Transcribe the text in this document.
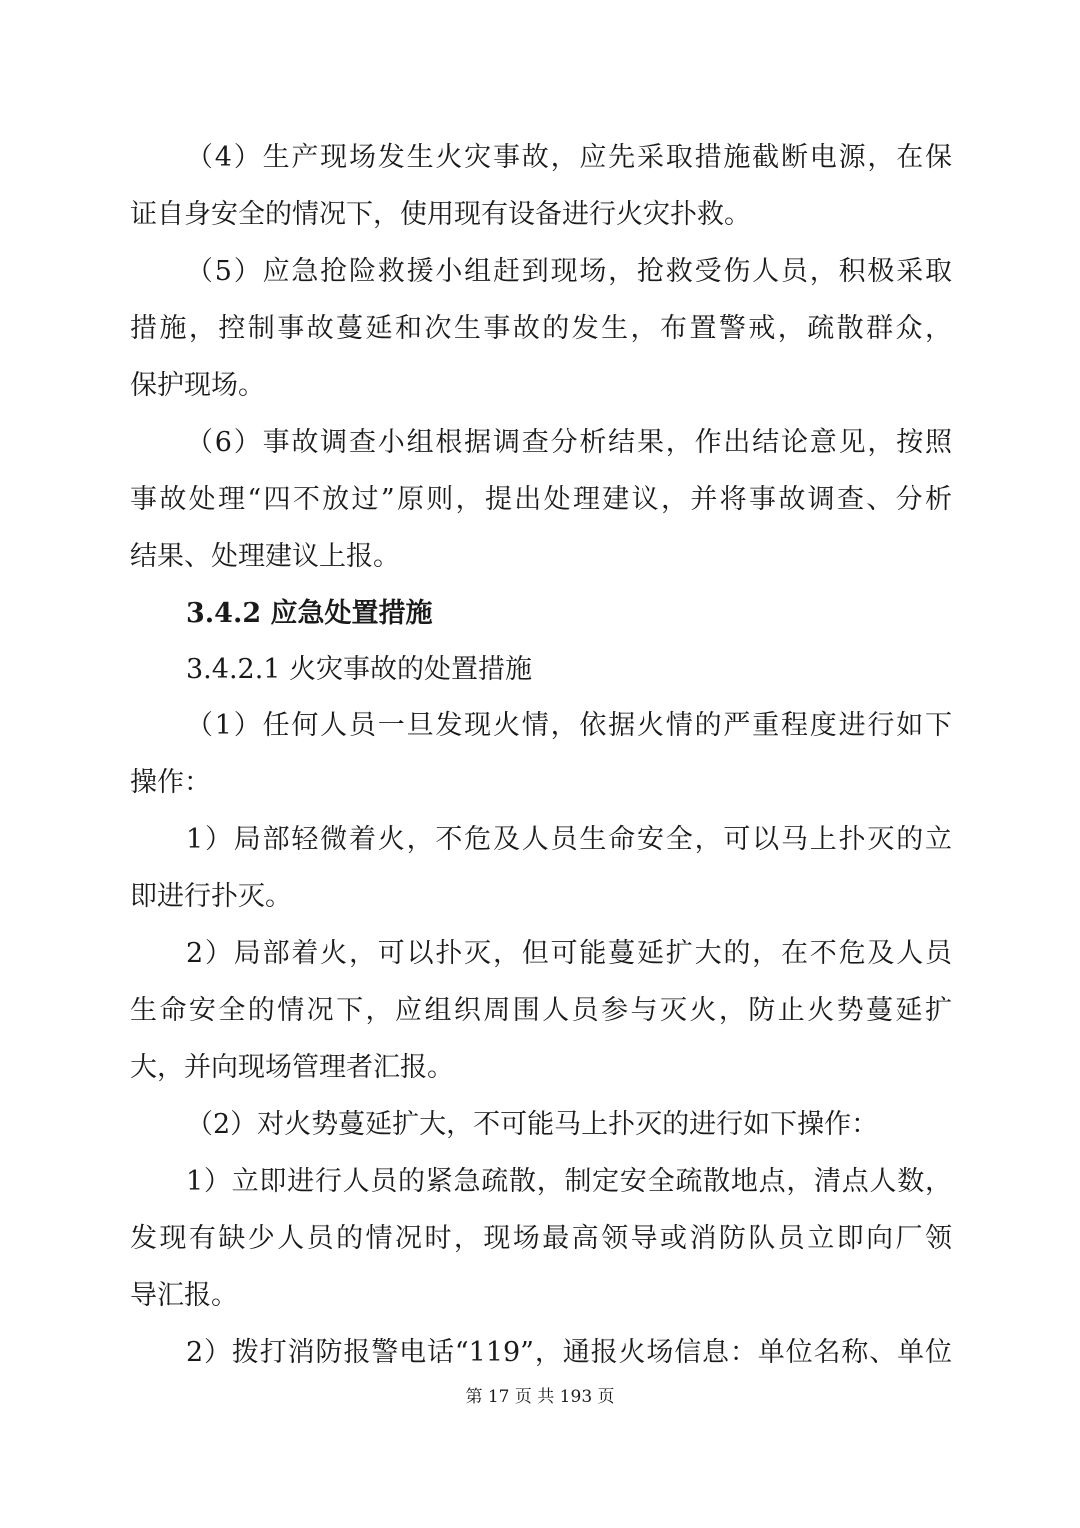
（4）生产现场发生火灾事故，应先采取措施截断电源，在保
证自身安全的情况下，使用现有设备进行火灾扑救。
（5）应急抢险救援小组赶到现场，抢救受伤人员，积极采取
措施，控制事故蔓延和次生事故的发生，布置警戒，疏散群众，
保护现场。
（6）事故调查小组根据调查分析结果，作出结论意见，按照
事故处理“四不放过”原则，提出处理建议，并将事故调查、分析
结果、处理建议上报。
3.4.2 应急处置措施
3.4.2.1 火灾事故的处置措施
（1）任何人员一旦发现火情，依据火情的严重程度进行如下
操作：
1）局部轻微着火，不危及人员生命安全，可以马上扑灭的立
即进行扑灭。
2）局部着火，可以扑灭，但可能蔓延扩大的，在不危及人员
生命安全的情况下，应组织周围人员参与灭火，防止火势蔓延扩
大，并向现场管理者汇报。
（2）对火势蔓延扩大，不可能马上扑灭的进行如下操作：
1）立即进行人员的紧急疏散，制定安全疏散地点，清点人数，
发现有缺少人员的情况时，现场最高领导或消防队员立即向厂领
导汇报。
2）拨打消防报警电话“119”，通报火场信息：单位名称、单位
第 17 页 共 193 页
